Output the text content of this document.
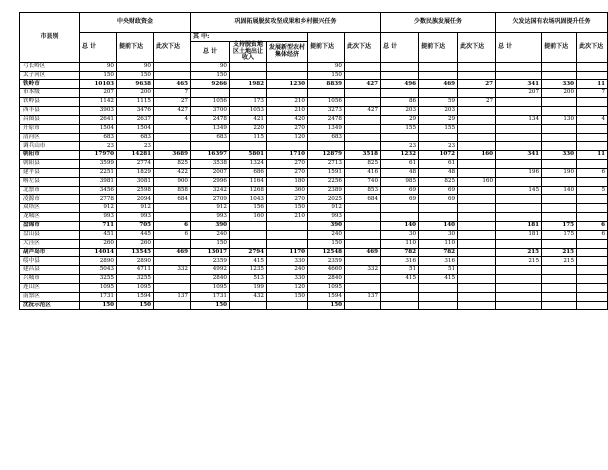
市县别	中央财政资金			巩固拓展脱贫攻坚成果和乡村振兴任务					少数民族发展任务			欠发达国有农场巩固提升任务		
	总 计	提前下达	此次下达	其 中:			提前下达	此次下达	总 计	提前下达	此次下达	总 计	提前下达	此次下达
				总 计	支持脱贫地区土地出让收入	发展新型农村集体经济								
弓长岭区	90	90		90			90							
太子河区	150	150		150			150							
铁岭市	10103	9638	465	9266	1982	1230	8839	427	496	469	27	341	330	11
市本级	207	200	7									207	200	7
铁岭县	1142	1115	27	1056	173	210	1056		86	59	27			
西丰县	3903	3476	427	3700	1053	210	3273	427	203	203				
昌图县	2641	2637	4	2478	421	420	2478		29	29		134	130	4
开原市	1504	1504		1349	220	270	1349		155	155				
清河区	683	683		683	115	120	683							
调兵山市	23	23							23	23				
朝阳市	17970	14281	3689	16397	5801	1710	12879	3518	1232	1072	160	341	330	11
朝阳县	3599	2774	825	3538	1324	270	2713	825	61	61				
建平县	2251	1829	422	2007	686	270	1591	416	48	48		196	190	6
喀左县	3981	3081	900	2996	1164	180	2256	740	985	825	160			
北票市	3456	2598	858	3242	1268	360	2389	853	69	69		145	140	5
凌源市	2778	2094	684	2709	1043	270	2025	684	69	69				
双塔区	912	912		912	156	150	912							
龙城区	993	993		993	160	210	993							
盘锦市	711	705	6	390			390		140	140		181	175	6
盘山县	451	445	6	240			240		30	30		181	175	6
大洼区	260	260		150			150		110	110				
葫芦岛市	14014	13545	469	13017	2794	1170	12548	469	782	782		215	215	
绥中县	2890	2890		2359	415	330	2359		316	316		215	215	
建昌县	5043	4711	332	4992	1235	240	4660	332	51	51				
兴城市	3255	3255		2840	513	330	2840		415	415				
连山区	1095	1095		1095	199	120	1095							
南票区	1731	1594	137	1731	432	150	1594	137						
沈抚示范区	150	150		150			150							
